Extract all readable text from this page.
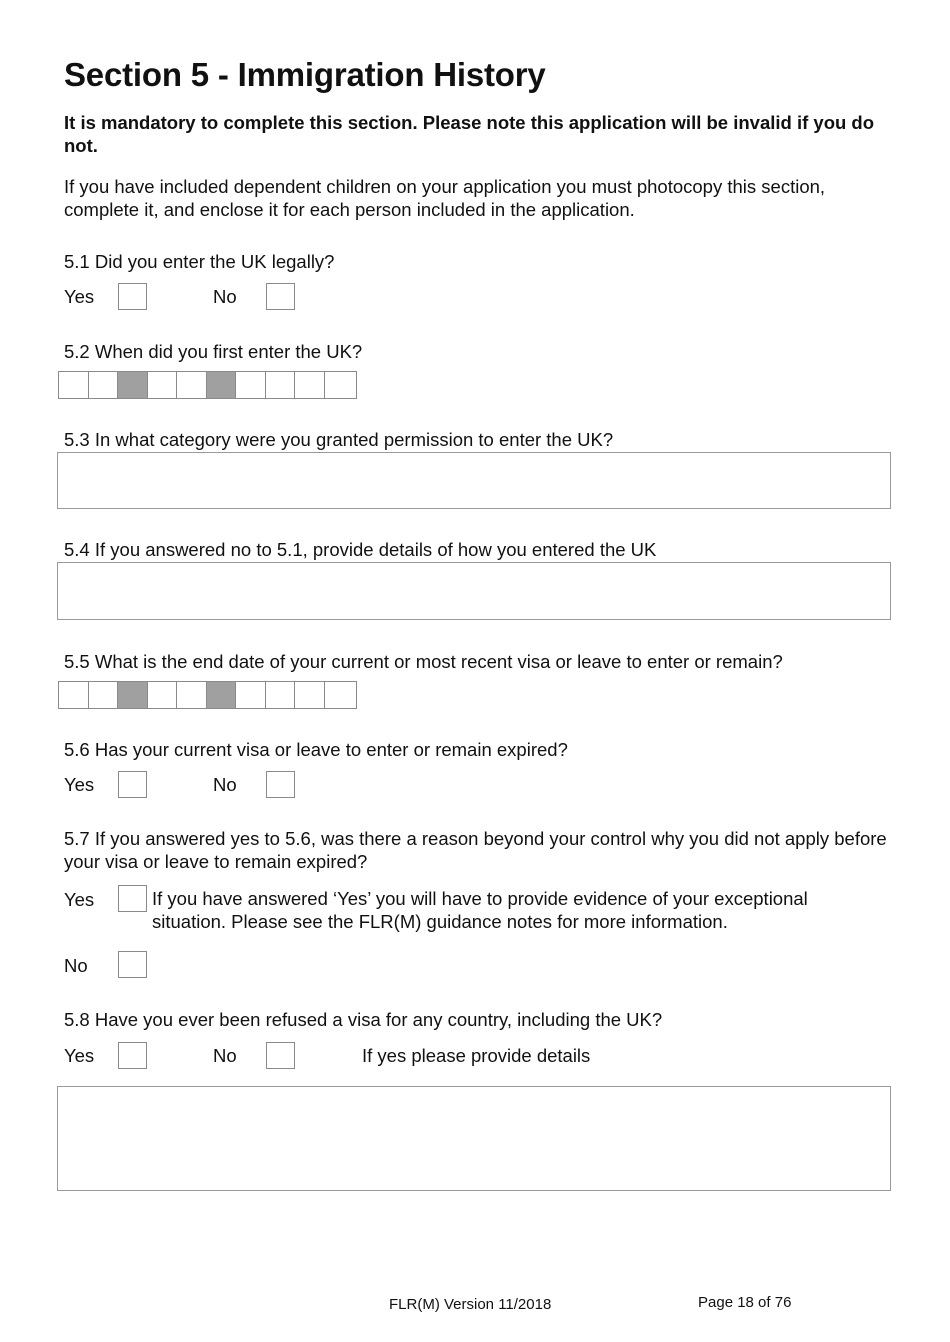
Section 5 - Immigration History
It is mandatory to complete this section. Please note this application will be invalid if you do not.
If you have included dependent children on your application you must photocopy this section, complete it, and enclose it for each person included in the application.
5.1 Did you enter the UK legally?
Yes	No
5.2 When did you first enter the UK?
5.3 In what category were you granted permission to enter the UK?
5.4 If you answered no to 5.1, provide details of how you entered the UK
5.5 What is the end date of your current or most recent visa or leave to enter or remain?
5.6 Has your current visa or leave to enter or remain expired?
Yes	No
5.7 If you answered yes to 5.6, was there a reason beyond your control why you did not apply before your visa or leave to remain expired?
Yes	If you have answered ‘Yes’ you will have to provide evidence of your exceptional situation. Please see the FLR(M) guidance notes for more information.
No
5.8 Have you ever been refused a visa for any country, including the UK?
Yes	No	If yes please provide details
FLR(M) Version 11/2018	Page 18 of 76
